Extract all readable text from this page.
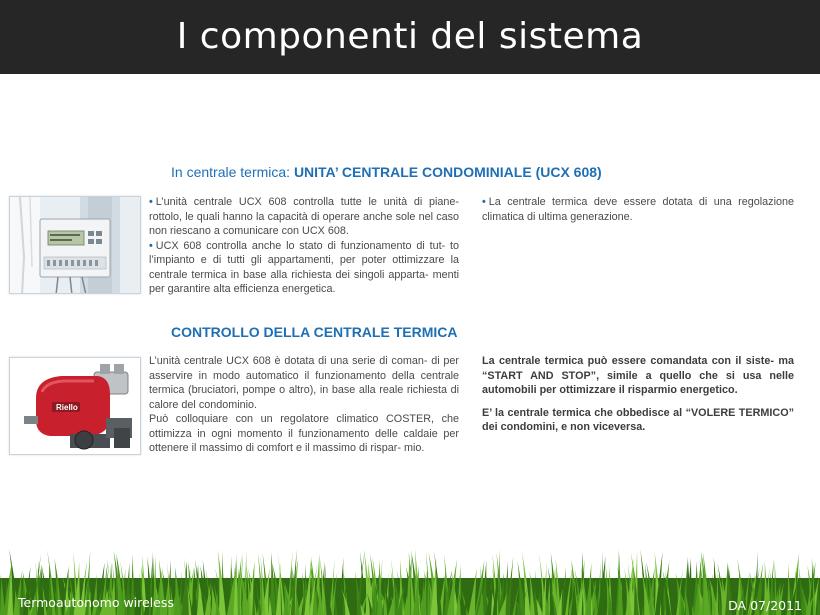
I componenti del sistema
In centrale termica: UNITA’ CENTRALE CONDOMINIALE (UCX 608)

• L’unità centrale UCX 608 controlla tutte le unità di piane- rottolo, le quali hanno la capacità di operare anche sole nel caso non riescano a comunicare con UCX 608.

• UCX 608 controlla anche lo stato di funzionamento di tut- to l’impianto e di tutti gli appartamenti, per poter ottimizzare la centrale termica in base alla richiesta dei singoli apparta- menti per garantire alta efficienza energetica.

• La centrale termica deve essere dotata di una regolazione climatica di ultima generazione.

CONTROLLO DELLA CENTRALE TERMICA
Riello

L’unità centrale UCX 608 è dotata di una serie di coman- di per asservire in modo automatico il funzionamento della centrale termica (bruciatori, pompe o altro), in base alla reale richiesta di calore del condominio.

Può colloquiare con un regolatore climatico COSTER, che ottimizza in ogni momento il funzionamento delle caldaie per ottenere il massimo di comfort e il massimo di rispar- mio.

La centrale termica può essere comandata con il siste- ma “START AND STOP”, simile a quello che si usa nelle automobili per ottimizzare il risparmio energetico.

E’ la centrale termica che obbedisce al “VOLERE TERMICO” dei condomini, e non viceversa.

Termoautonomo wireless	DA 07/2011
